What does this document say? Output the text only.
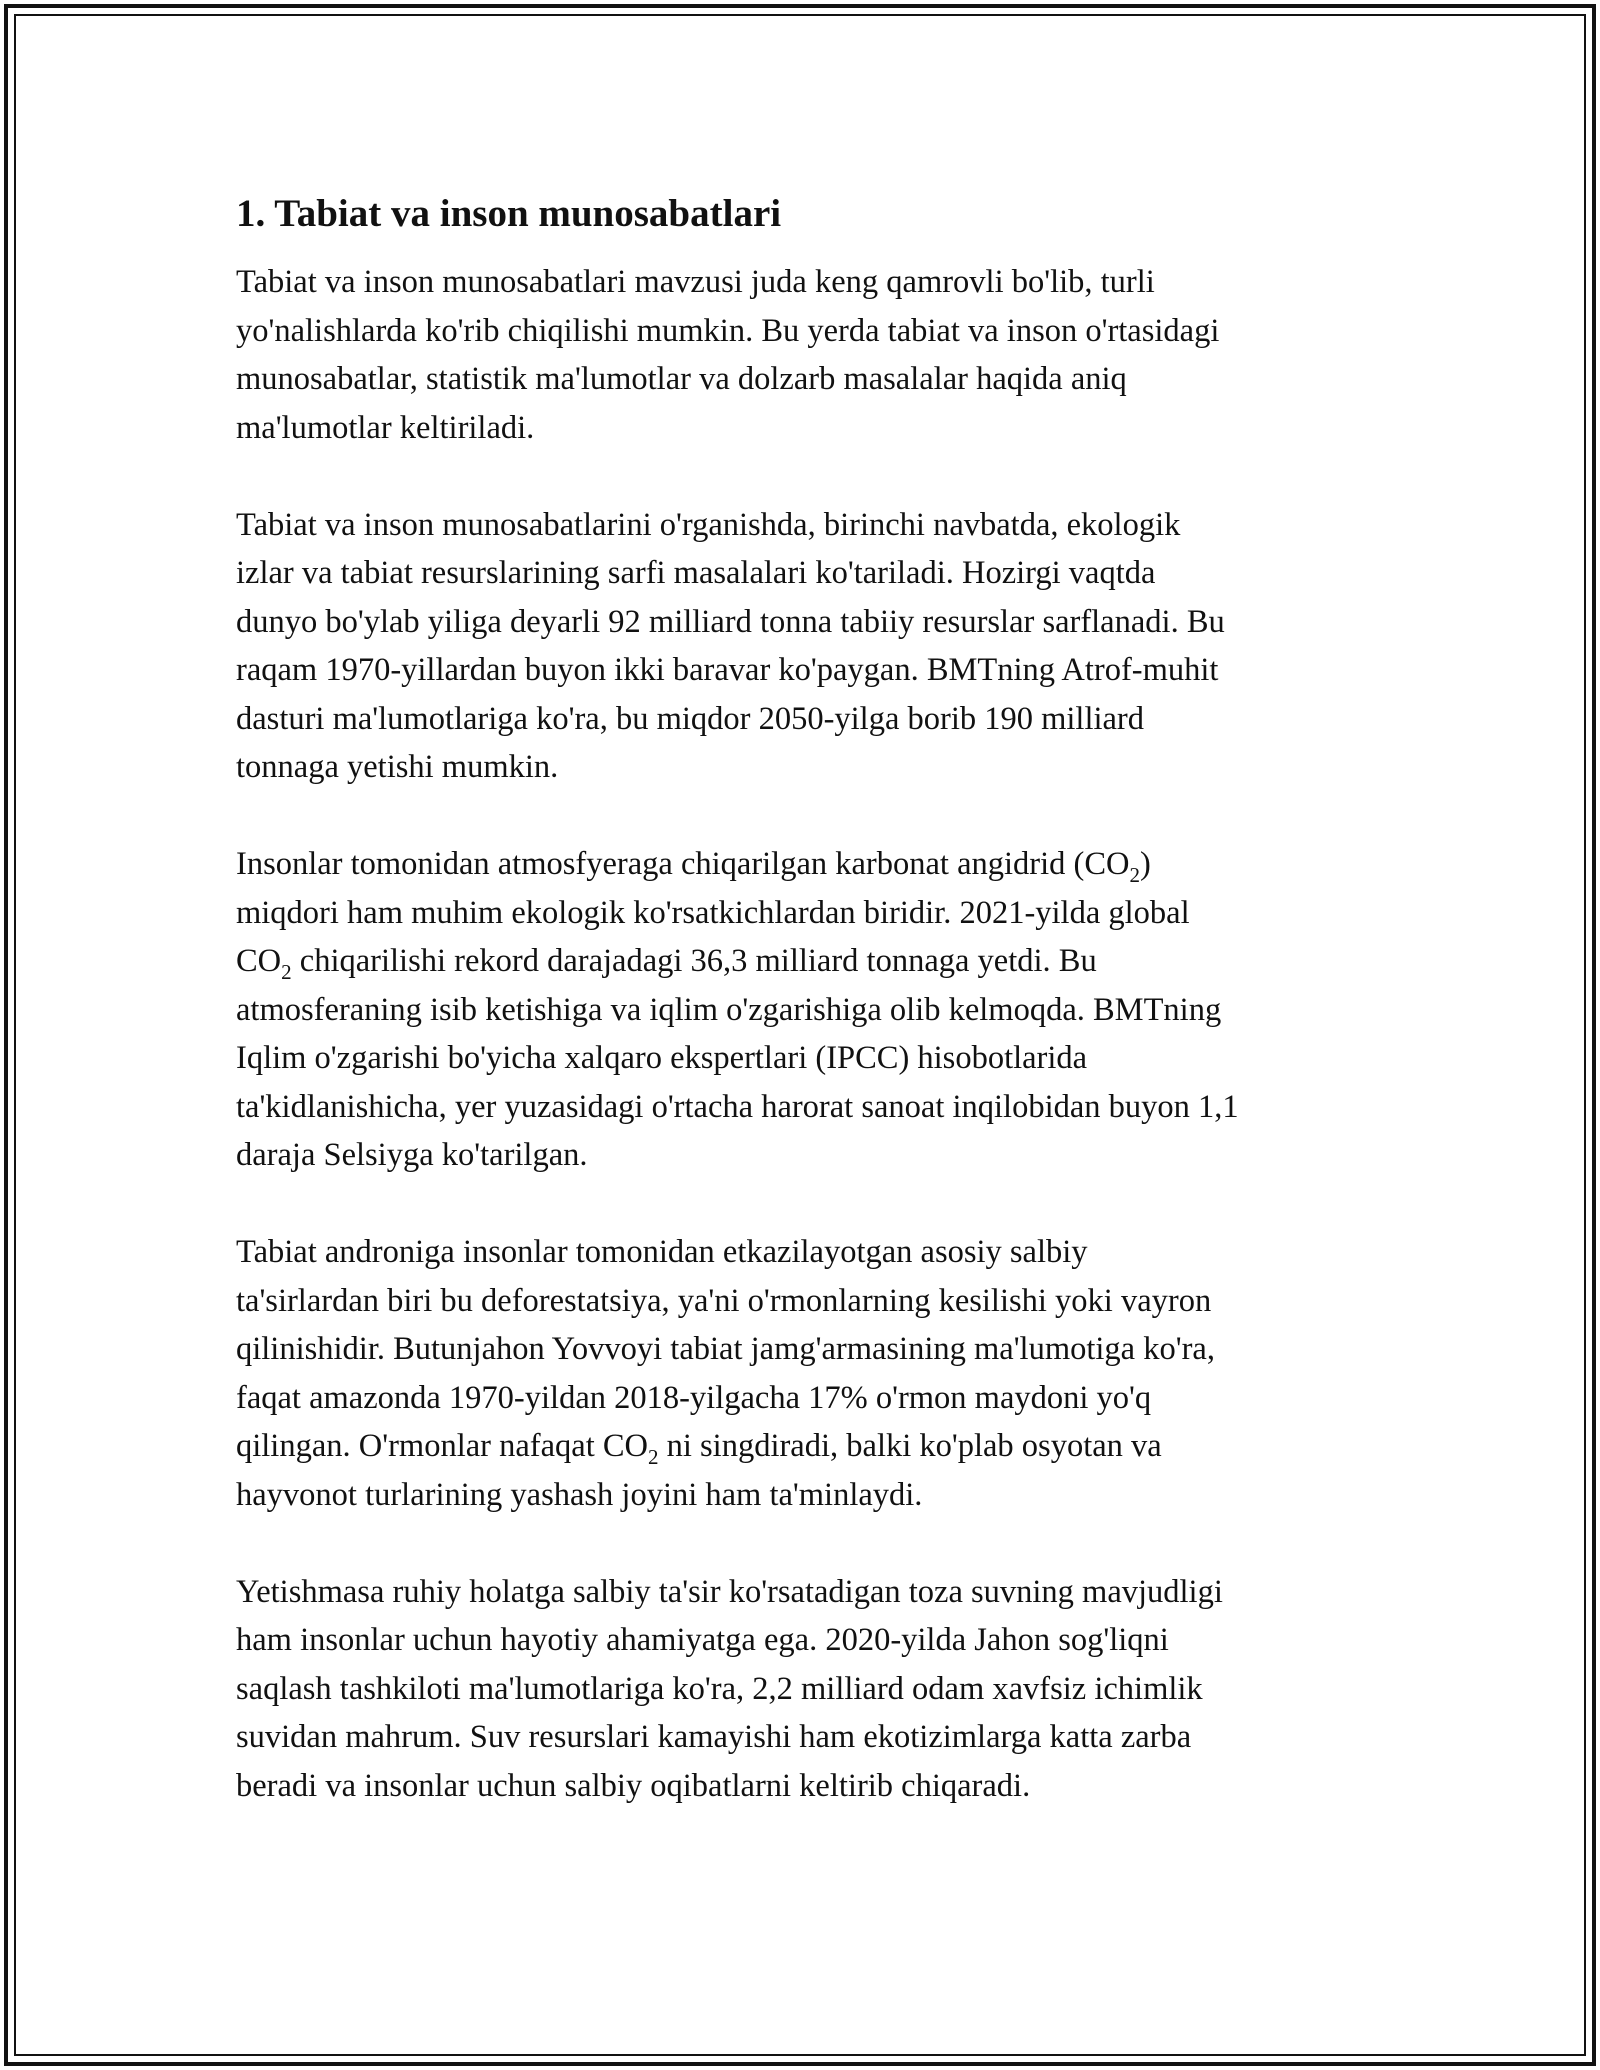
1. Tabiat va inson munosabatlari

Tabiat va inson munosabatlari mavzusi juda keng qamrovli bo'lib, turli
yo'nalishlarda ko'rib chiqilishi mumkin. Bu yerda tabiat va inson o'rtasidagi
munosabatlar, statistik ma'lumotlar va dolzarb masalalar haqida aniq
ma'lumotlar keltiriladi.

Tabiat va inson munosabatlarini o'rganishda, birinchi navbatda, ekologik
izlar va tabiat resurslarining sarfi masalalari ko'tariladi. Hozirgi vaqtda
dunyo bo'ylab yiliga deyarli 92 milliard tonna tabiiy resurslar sarflanadi. Bu
raqam 1970-yillardan buyon ikki baravar ko'paygan. BMTning Atrof-muhit
dasturi ma'lumotlariga ko'ra, bu miqdor 2050-yilga borib 190 milliard
tonnaga yetishi mumkin.

Insonlar tomonidan atmosfyeraga chiqarilgan karbonat angidrid $(CO_2)$
miqdori ham muhim ekologik ko'rsatkichlardan biridir. 2021-yilda global
$CO_2$ chiqarilishi rekord darajadagi 36,3 milliard tonnaga yetdi. Bu
atmosferaning isib ketishiga va iqlim o'zgarishiga olib kelmoqda. BMTning
Iqlim o'zgarishi bo'yicha xalqaro ekspertlari (IPCC) hisobotlarida
ta'kidlanishicha, yer yuzasidagi o'rtacha harorat sanoat inqilobidan buyon 1,1
daraja Selsiyga ko'tarilgan.

Tabiat androniga insonlar tomonidan etkazilayotgan asosiy salbiy
ta'sirlardan biri bu deforestatsiya, ya'ni o'rmonlarning kesilishi yoki vayron
qilinishidir. Butunjahon Yovvoyi tabiat jamg'armasining ma'lumotiga ko'ra,
faqat amazonda 1970-yildan 2018-yilgacha 17% o'rmon maydoni yo'q
qilingan. O'rmonlar nafaqat $CO_2$ ni singdiradi, balki ko'plab osyotan va
hayvonot turlarining yashash joyini ham ta'minlaydi.

Yetishmasa ruhiy holatga salbiy ta'sir ko'rsatadigan toza suvning mavjudligi
ham insonlar uchun hayotiy ahamiyatga ega. 2020-yilda Jahon sog'liqni
saqlash tashkiloti ma'lumotlariga ko'ra, 2,2 milliard odam xavfsiz ichimlik
suvidan mahrum. Suv resurslari kamayishi ham ekotizimlarga katta zarba
beradi va insonlar uchun salbiy oqibatlarni keltirib chiqaradi.
